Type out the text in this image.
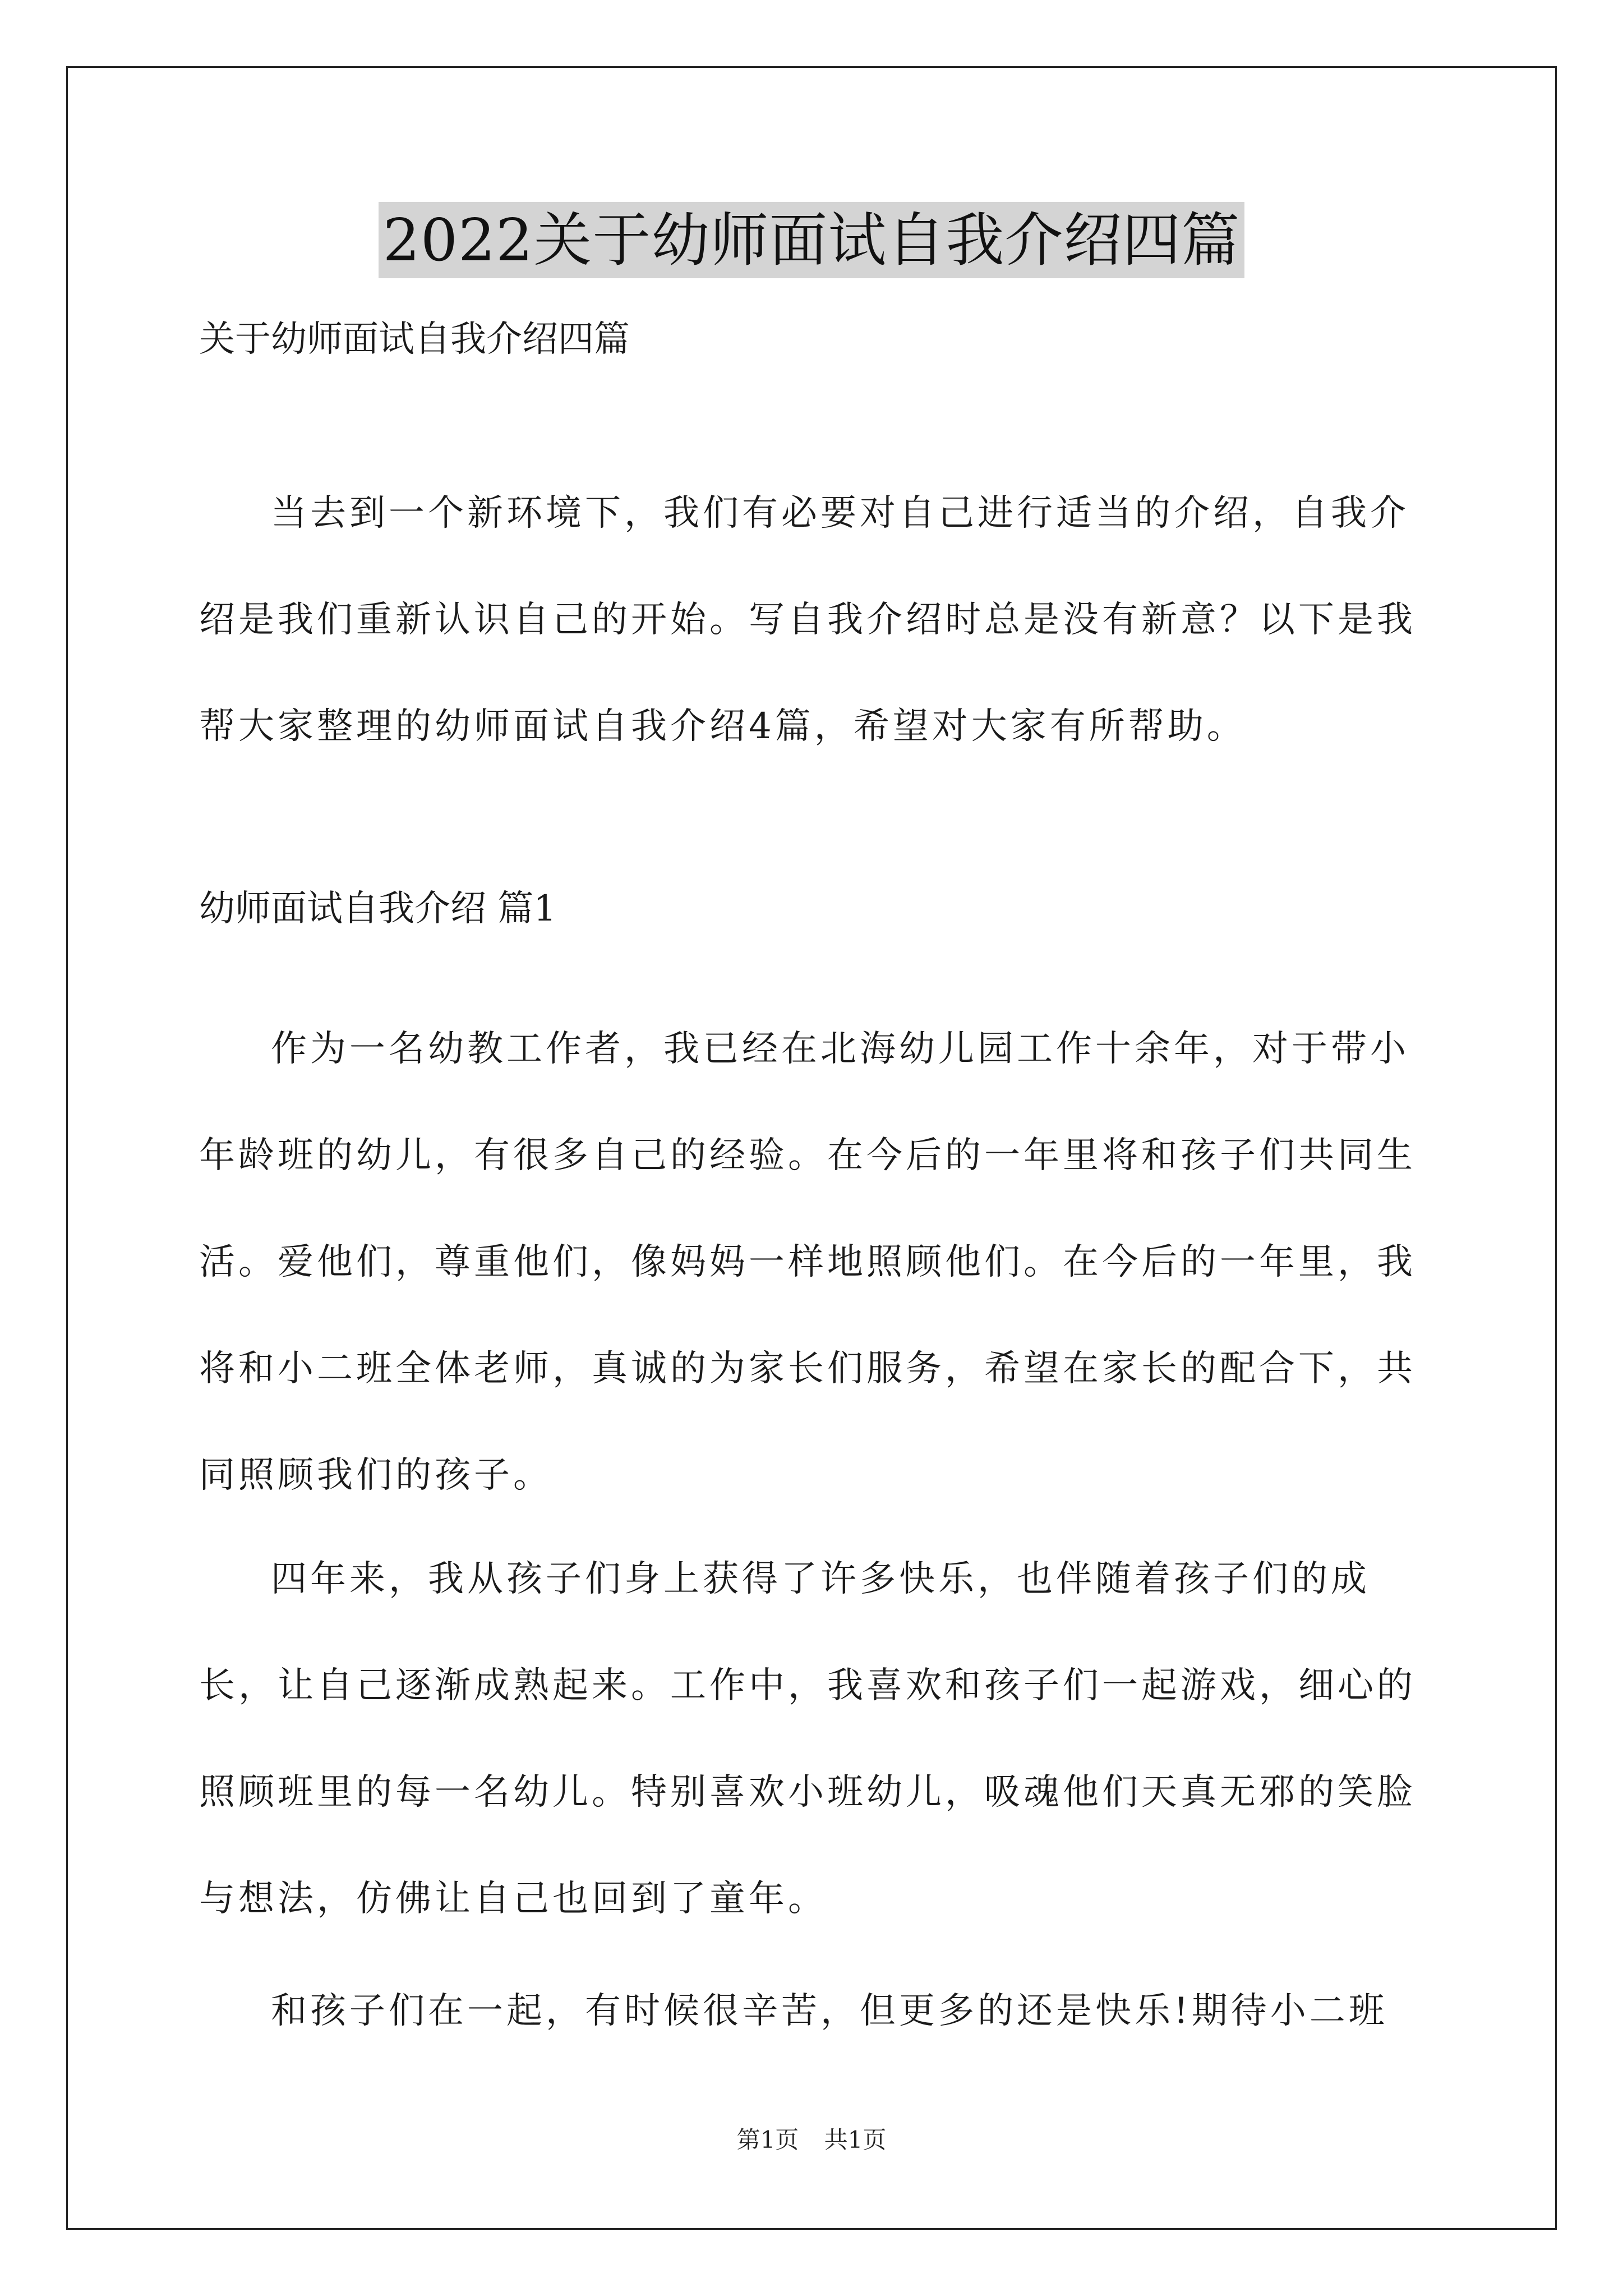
2022关于幼师面试自我介绍四篇
关于幼师面试自我介绍四篇
当去到一个新环境下，我们有必要对自己进行适当的介绍，自我介绍是我们重新认识自己的开始。写自我介绍时总是没有新意？以下是我帮大家整理的幼师面试自我介绍4篇，希望对大家有所帮助。
幼师面试自我介绍 篇1
作为一名幼教工作者，我已经在北海幼儿园工作十余年，对于带小年龄班的幼儿，有很多自己的经验。在今后的一年里将和孩子们共同生活。爱他们，尊重他们，像妈妈一样地照顾他们。在今后的一年里，我将和小二班全体老师，真诚的为家长们服务，希望在家长的配合下，共同照顾我们的孩子。
四年来，我从孩子们身上获得了许多快乐，也伴随着孩子们的成长，让自己逐渐成熟起来。工作中，我喜欢和孩子们一起游戏，细心的照顾班里的每一名幼儿。特别喜欢小班幼儿，吸魂他们天真无邪的笑脸与想法，仿佛让自己也回到了童年。
和孩子们在一起，有时候很辛苦，但更多的还是快乐!期待小二班
第1页 共1页
